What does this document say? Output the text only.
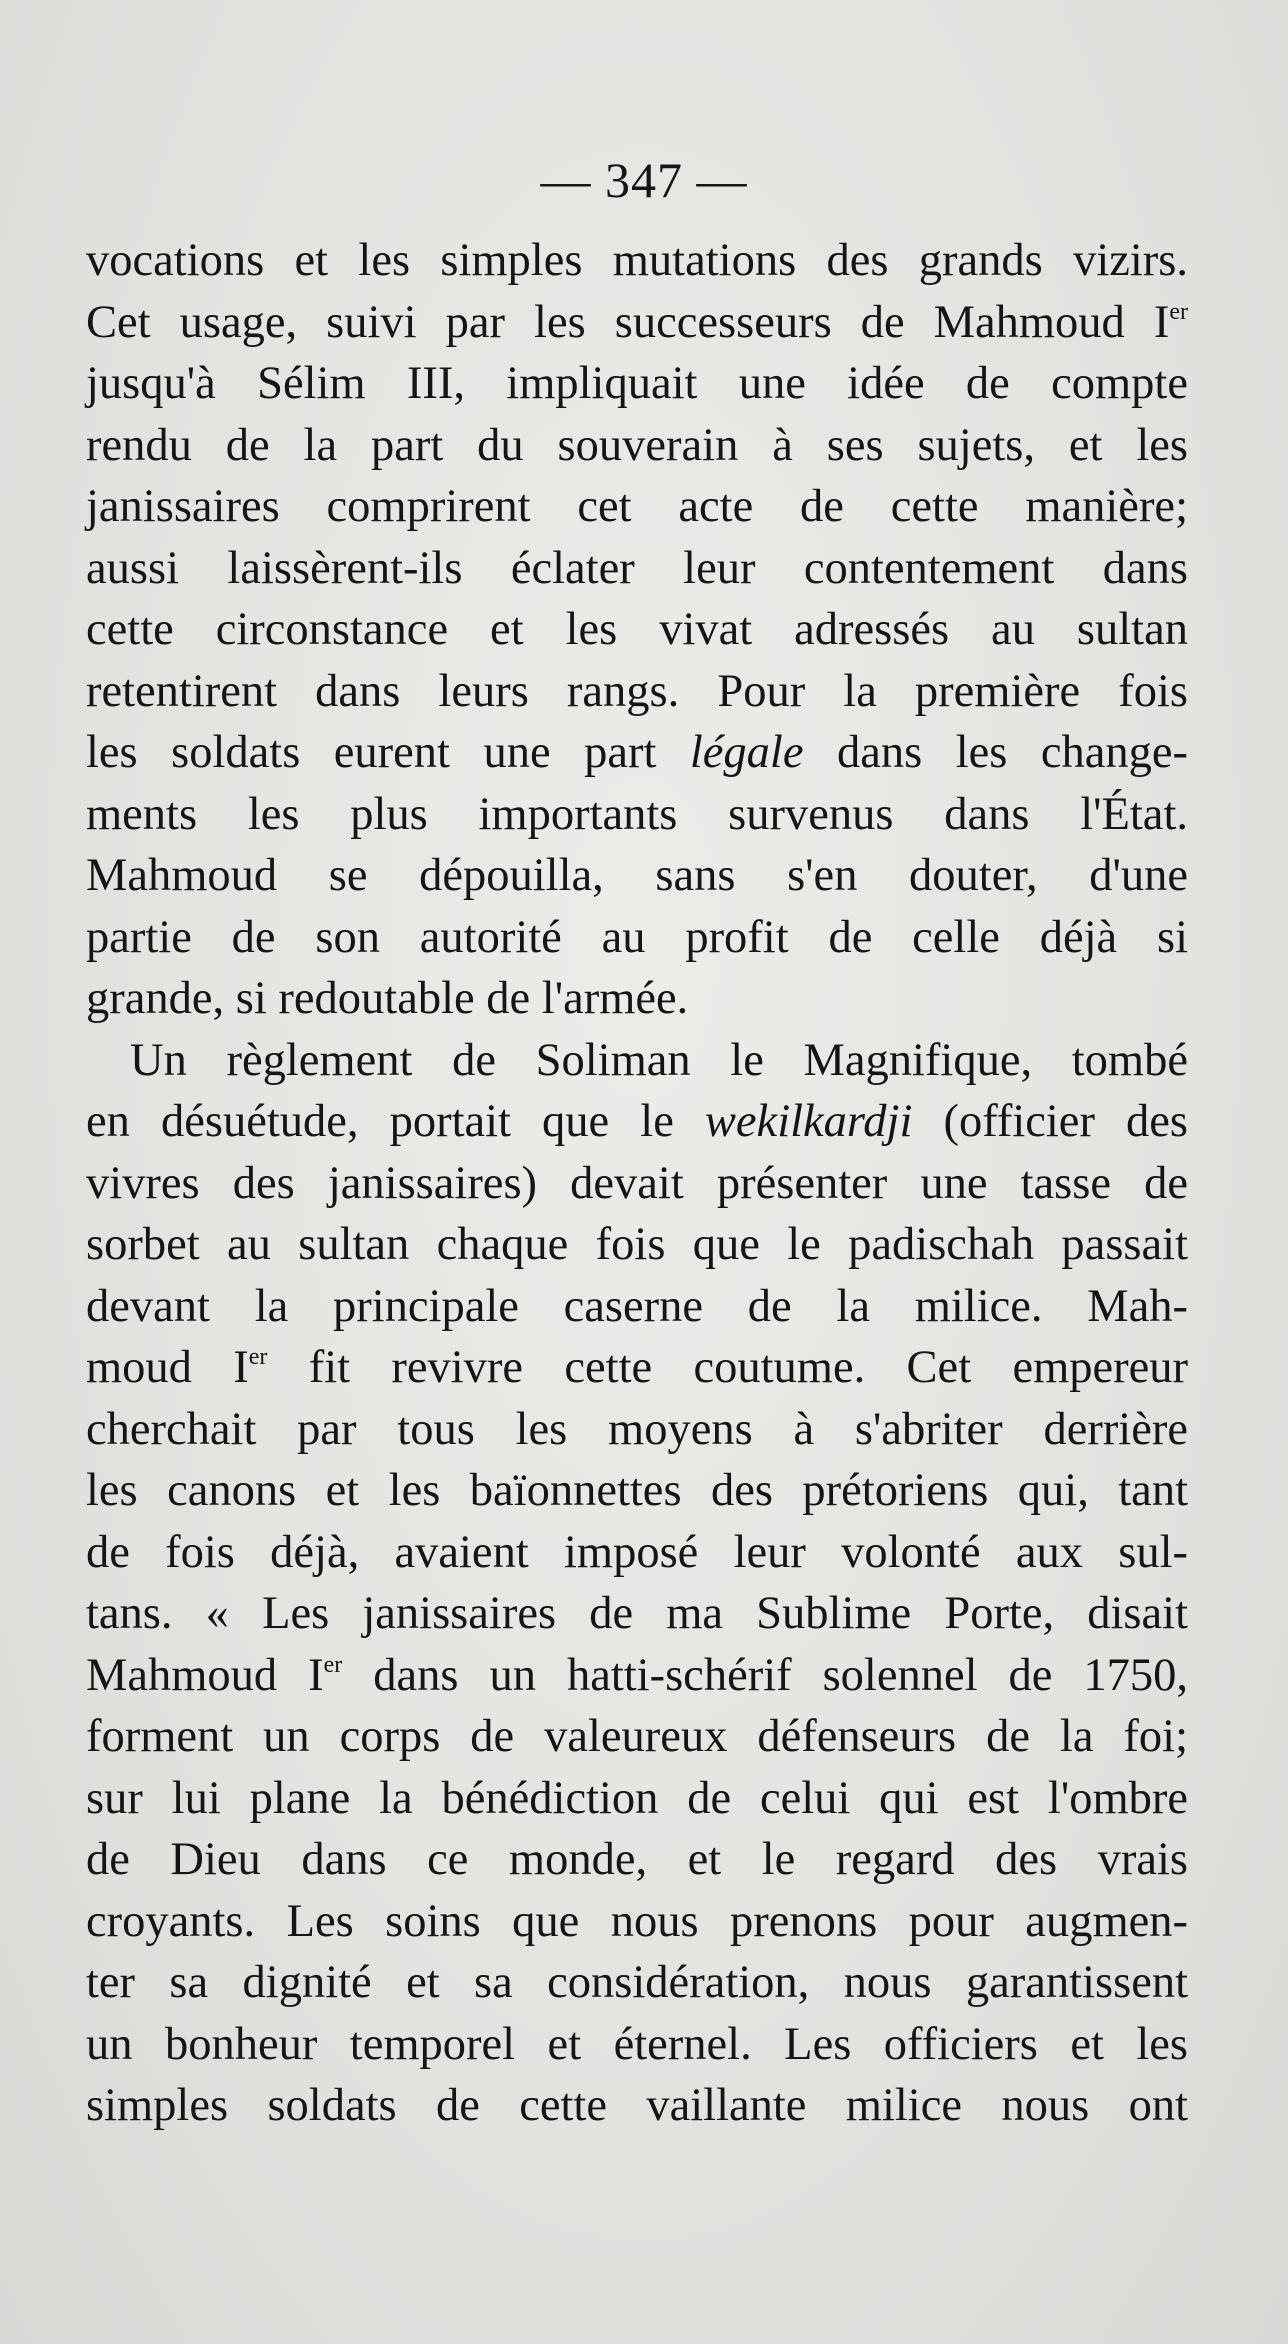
— 347 —
vocations et les simples mutations des grands vizirs.
Cet usage, suivi par les successeurs de Mahmoud Ier
jusqu'à Sélim III, impliquait une idée de compte
rendu de la part du souverain à ses sujets, et les
janissaires comprirent cet acte de cette manière;
aussi laissèrent-ils éclater leur contentement dans
cette circonstance et les vivat adressés au sultan
retentirent dans leurs rangs. Pour la première fois
les soldats eurent une part légale dans les change-
ments les plus importants survenus dans l'État.
Mahmoud se dépouilla, sans s'en douter, d'une
partie de son autorité au profit de celle déjà si
grande, si redoutable de l'armée.
Un règlement de Soliman le Magnifique, tombé
en désuétude, portait que le wekilkardji (officier des
vivres des janissaires) devait présenter une tasse de
sorbet au sultan chaque fois que le padischah passait
devant la principale caserne de la milice. Mah-
moud Ier fit revivre cette coutume. Cet empereur
cherchait par tous les moyens à s'abriter derrière
les canons et les baïonnettes des prétoriens qui, tant
de fois déjà, avaient imposé leur volonté aux sul-
tans. « Les janissaires de ma Sublime Porte, disait
Mahmoud Ier dans un hatti-schérif solennel de 1750,
forment un corps de valeureux défenseurs de la foi;
sur lui plane la bénédiction de celui qui est l'ombre
de Dieu dans ce monde, et le regard des vrais
croyants. Les soins que nous prenons pour augmen-
ter sa dignité et sa considération, nous garantissent
un bonheur temporel et éternel. Les officiers et les
simples soldats de cette vaillante milice nous ont
